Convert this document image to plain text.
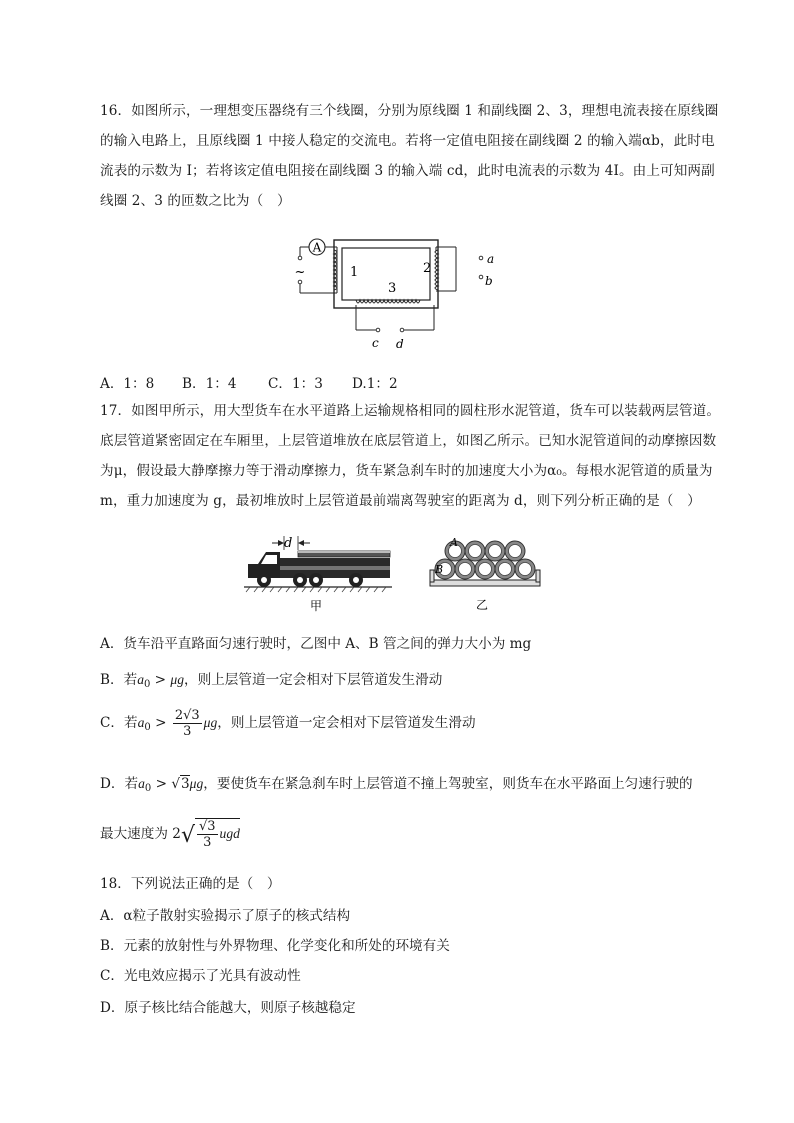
16．如图所示，一理想变压器绕有三个线圈，分别为原线圈 1 和副线圈 2、3，理想电流表接在原线圈的输入电路上，且原线圈 1 中接人稳定的交流电。若将一定值电阻接在副线圈 2 的输入端αb，此时电流表的示数为 I；若将该定值电阻接在副线圈 3 的输入端 cd，此时电流表的示数为 4I。由上可知两副线圈 2、3 的匝数之比为（　）
A
~	1	2
a
b
3
c d
A．1：8 B．1：4 C．1：3 D.1：2
17．如图甲所示，用大型货车在水平道路上运输规格相同的圆柱形水泥管道，货车可以装载两层管道。底层管道紧密固定在车厢里，上层管道堆放在底层管道上，如图乙所示。已知水泥管道间的动摩擦因数为μ，假设最大静摩擦力等于滑动摩擦力，货车紧急刹车时的加速度大小为α₀。每根水泥管道的质量为 m，重力加速度为 g，最初堆放时上层管道最前端离驾驶室的距离为 d，则下列分析正确的是（　）
d
甲
A
B
乙
A．货车沿平直路面匀速行驶时，乙图中 A、B 管之间的弹力大小为 mg
B．若$a_0 > \mu g$，则上层管道一定会相对下层管道发生滑动
C．若$a_0 > \frac{2√3}{3}$ μg，则上层管道一定会相对下层管道发生滑动
D．若$a_0 > √3\mu g$，要使货车在紧急刹车时上层管道不撞上驾驶室，则货车在水平路面上匀速行驶的
最大速度为 $2√ \frac{√3}{3}$ ugd
18．下列说法正确的是（　）
A．α粒子散射实验揭示了原子的核式结构
B．元素的放射性与外界物理、化学变化和所处的环境有关
C．光电效应揭示了光具有波动性
D．原子核比结合能越大，则原子核越稳定
